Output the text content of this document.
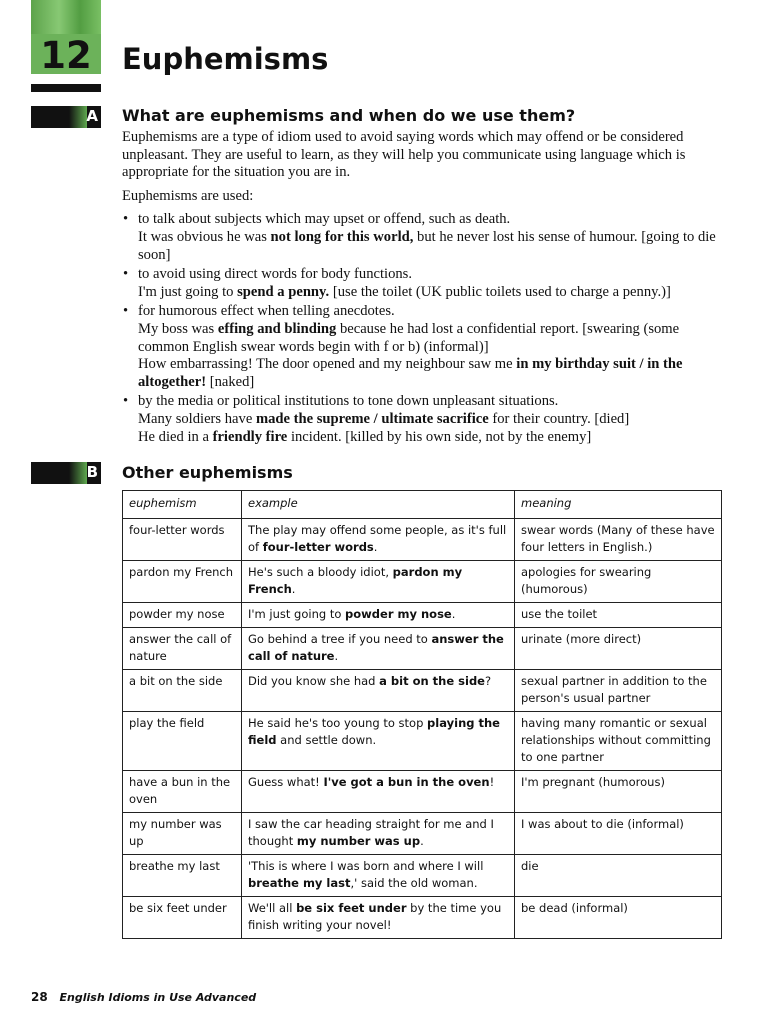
12	Euphemisms
A What are euphemisms and when do we use them?

Euphemisms are a type of idiom used to avoid saying words which may offend or be considered unpleasant. They are useful to learn, as they will help you communicate using language which is appropriate for the situation you are in.

Euphemisms are used:

• to talk about subjects which may upset or offend, such as death.
It was obvious he was not long for this world, but he never lost his sense of humour. [going to die soon]
• to avoid using direct words for body functions.
I'm just going to spend a penny. [use the toilet (UK public toilets used to charge a penny.)]
• for humorous effect when telling anecdotes.
My boss was effing and blinding because he had lost a confidential report. [swearing (some common English swear words begin with f or b) (informal)]
How embarrassing! The door opened and my neighbour saw me in my birthday suit / in the altogether! [naked]
• by the media or political institutions to tone down unpleasant situations.
Many soldiers have made the supreme / ultimate sacrifice for their country. [died]
He died in a friendly fire incident. [killed by his own side, not by the enemy]
B Other euphemisms
euphemism	example	meaning
four-letter words	The play may offend some people, as it's full of four-letter words.	swear words (Many of these have four letters in English.)
pardon my French	He's such a bloody idiot, pardon my French.	apologies for swearing (humorous)
powder my nose	I'm just going to powder my nose.	use the toilet
answer the call of nature	Go behind a tree if you need to answer the call of nature.	urinate (more direct)
a bit on the side	Did you know she had a bit on the side?	sexual partner in addition to the person's usual partner
play the field	He said he's too young to stop playing the field and settle down.	having many romantic or sexual relationships without committing to one partner
have a bun in the oven	Guess what! I've got a bun in the oven!	I'm pregnant (humorous)
my number was up	I saw the car heading straight for me and I thought my number was up.	I was about to die (informal)
breathe my last	'This is where I was born and where I will breathe my last,' said the old woman.	die
be six feet under	We'll all be six feet under by the time you finish writing your novel!	be dead (informal)
28 English Idioms in Use Advanced
